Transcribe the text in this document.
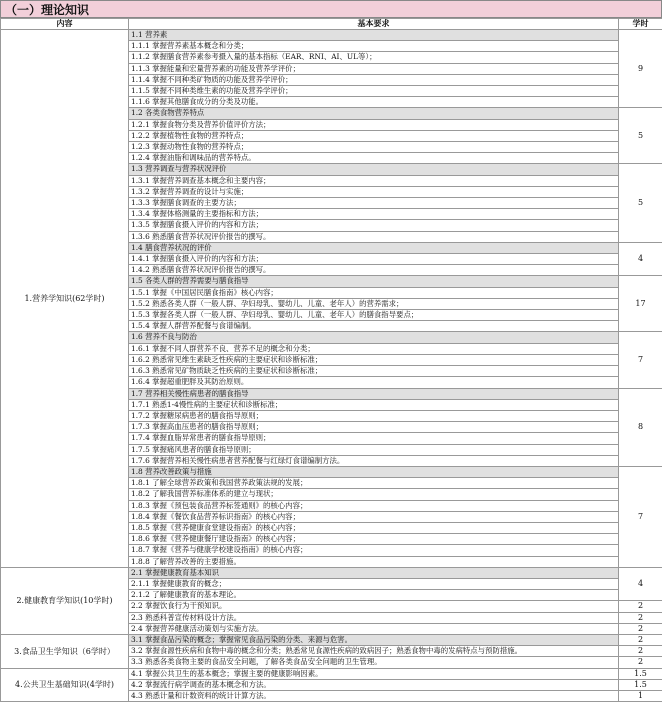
（一）理论知识
内容	基本要求	学时
1.营养学知识(62学时)	1.1 营养素	9
	1.1.1 掌握营养素基本概念和分类；	
	1.1.2 掌握膳食营养素参考摄入量的基本指标（EAR、RNI、AI、UL等）；	
	1.1.3 掌握能量和宏量营养素的功能及营养学评价；	
	1.1.4 掌握不同种类矿物质的功能及营养学评价；	
	1.1.5 掌握不同种类维生素的功能及营养学评价；	
	1.1.6 掌握其他膳食成分的分类及功能。	
	1.2 各类食物营养特点	5
	1.2.1 掌握食物分类及营养价值评价方法；	
	1.2.2 掌握植物性食物的营养特点；	
	1.2.3 掌握动物性食物的营养特点；	
	1.2.4 掌握油脂和调味品的营养特点。	
	1.3 营养调查与营养状况评价	5
	1.3.1 掌握营养调查基本概念和主要内容；	
	1.3.2 掌握营养调查的设计与实施；	
	1.3.3 掌握膳食调查的主要方法；	
	1.3.4 掌握体格测量的主要指标和方法；	
	1.3.5 掌握膳食摄入评价的内容和方法；	
	1.3.6 熟悉膳食营养状况评价报告的撰写。	
	1.4 膳食营养状况的评价	4
	1.4.1 掌握膳食摄入评价的内容和方法；	
	1.4.2 熟悉膳食营养状况评价报告的撰写。	
	1.5 各类人群的营养需要与膳食指导	17
	1.5.1 掌握《中国居民膳食指南》核心内容；	
	1.5.2 熟悉各类人群（一般人群、孕妇母乳、婴幼儿、儿童、老年人）的营养需求；	
	1.5.3 掌握各类人群（一般人群、孕妇母乳、婴幼儿、儿童、老年人）的膳食指导要点；	
	1.5.4 掌握人群营养配餐与食谱编制。	
	1.6 营养不良与防治	7
	1.6.1 掌握不同人群营养不良、营养不足的概念和分类；	
	1.6.2 熟悉常见维生素缺乏性疾病的主要症状和诊断标准；	
	1.6.3 熟悉常见矿物质缺乏性疾病的主要症状和诊断标准；	
	1.6.4 掌握超重肥胖及其防治原则。	
	1.7 营养相关慢性病患者的膳食指导	8
	1.7.1 熟悉1-4慢性病的主要症状和诊断标准；	
	1.7.2 掌握糖尿病患者的膳食指导原则；	
	1.7.3 掌握高血压患者的膳食指导原则；	
	1.7.4 掌握血脂异常患者的膳食指导原则；	
	1.7.5 掌握痛风患者的膳食指导原则；	
	1.7.6 掌握营养相关慢性病患者营养配餐与红绿灯食谱编制方法。	
	1.8 营养改善政策与措施	7
	1.8.1 了解全球营养政策和我国营养政策法规的发展；	
	1.8.2 了解我国营养标准体系的建立与现状；	
	1.8.3 掌握《预包装食品营养标签通则》的核心内容；	
	1.8.4 掌握《餐饮食品营养标识指南》的核心内容；	
	1.8.5 掌握《营养健康食堂建设指南》的核心内容；	
	1.8.6 掌握《营养健康餐厅建设指南》的核心内容；	
	1.8.7 掌握《营养与健康学校建设指南》的核心内容；	
	1.8.8 了解营养改善的主要措施。	
2.健康教育学知识(10学时)	2.1 掌握健康教育基本知识	4
	2.1.1 掌握健康教育的概念；	
	2.1.2 了解健康教育的基本理论。	
	2.2 掌握饮食行为干预知识。	2
	2.3 熟悉科普宣传材料设计方法。	2
	2.4 掌握营养健康活动策划与实施方法。	2
3.食品卫生学知识（6学时）	3.1 掌握食品污染的概念；掌握常见食品污染的分类、来源与危害。	2
	3.2 掌握食源性疾病和食物中毒的概念和分类；熟悉常见食源性疾病的致病因子；熟悉食物中毒的发病特点与预防措施。	2
	3.3 熟悉各类食物主要的食品安全问题，了解各类食品安全问题的卫生管理。	2
4.公共卫生基础知识(4学时)	4.1 掌握公共卫生的基本概念；掌握主要的健康影响因素。	1.5
	4.2 掌握流行病学调查的基本概念和方法。	1.5
	4.3 熟悉计量和计数资料的统计计算方法。	1
